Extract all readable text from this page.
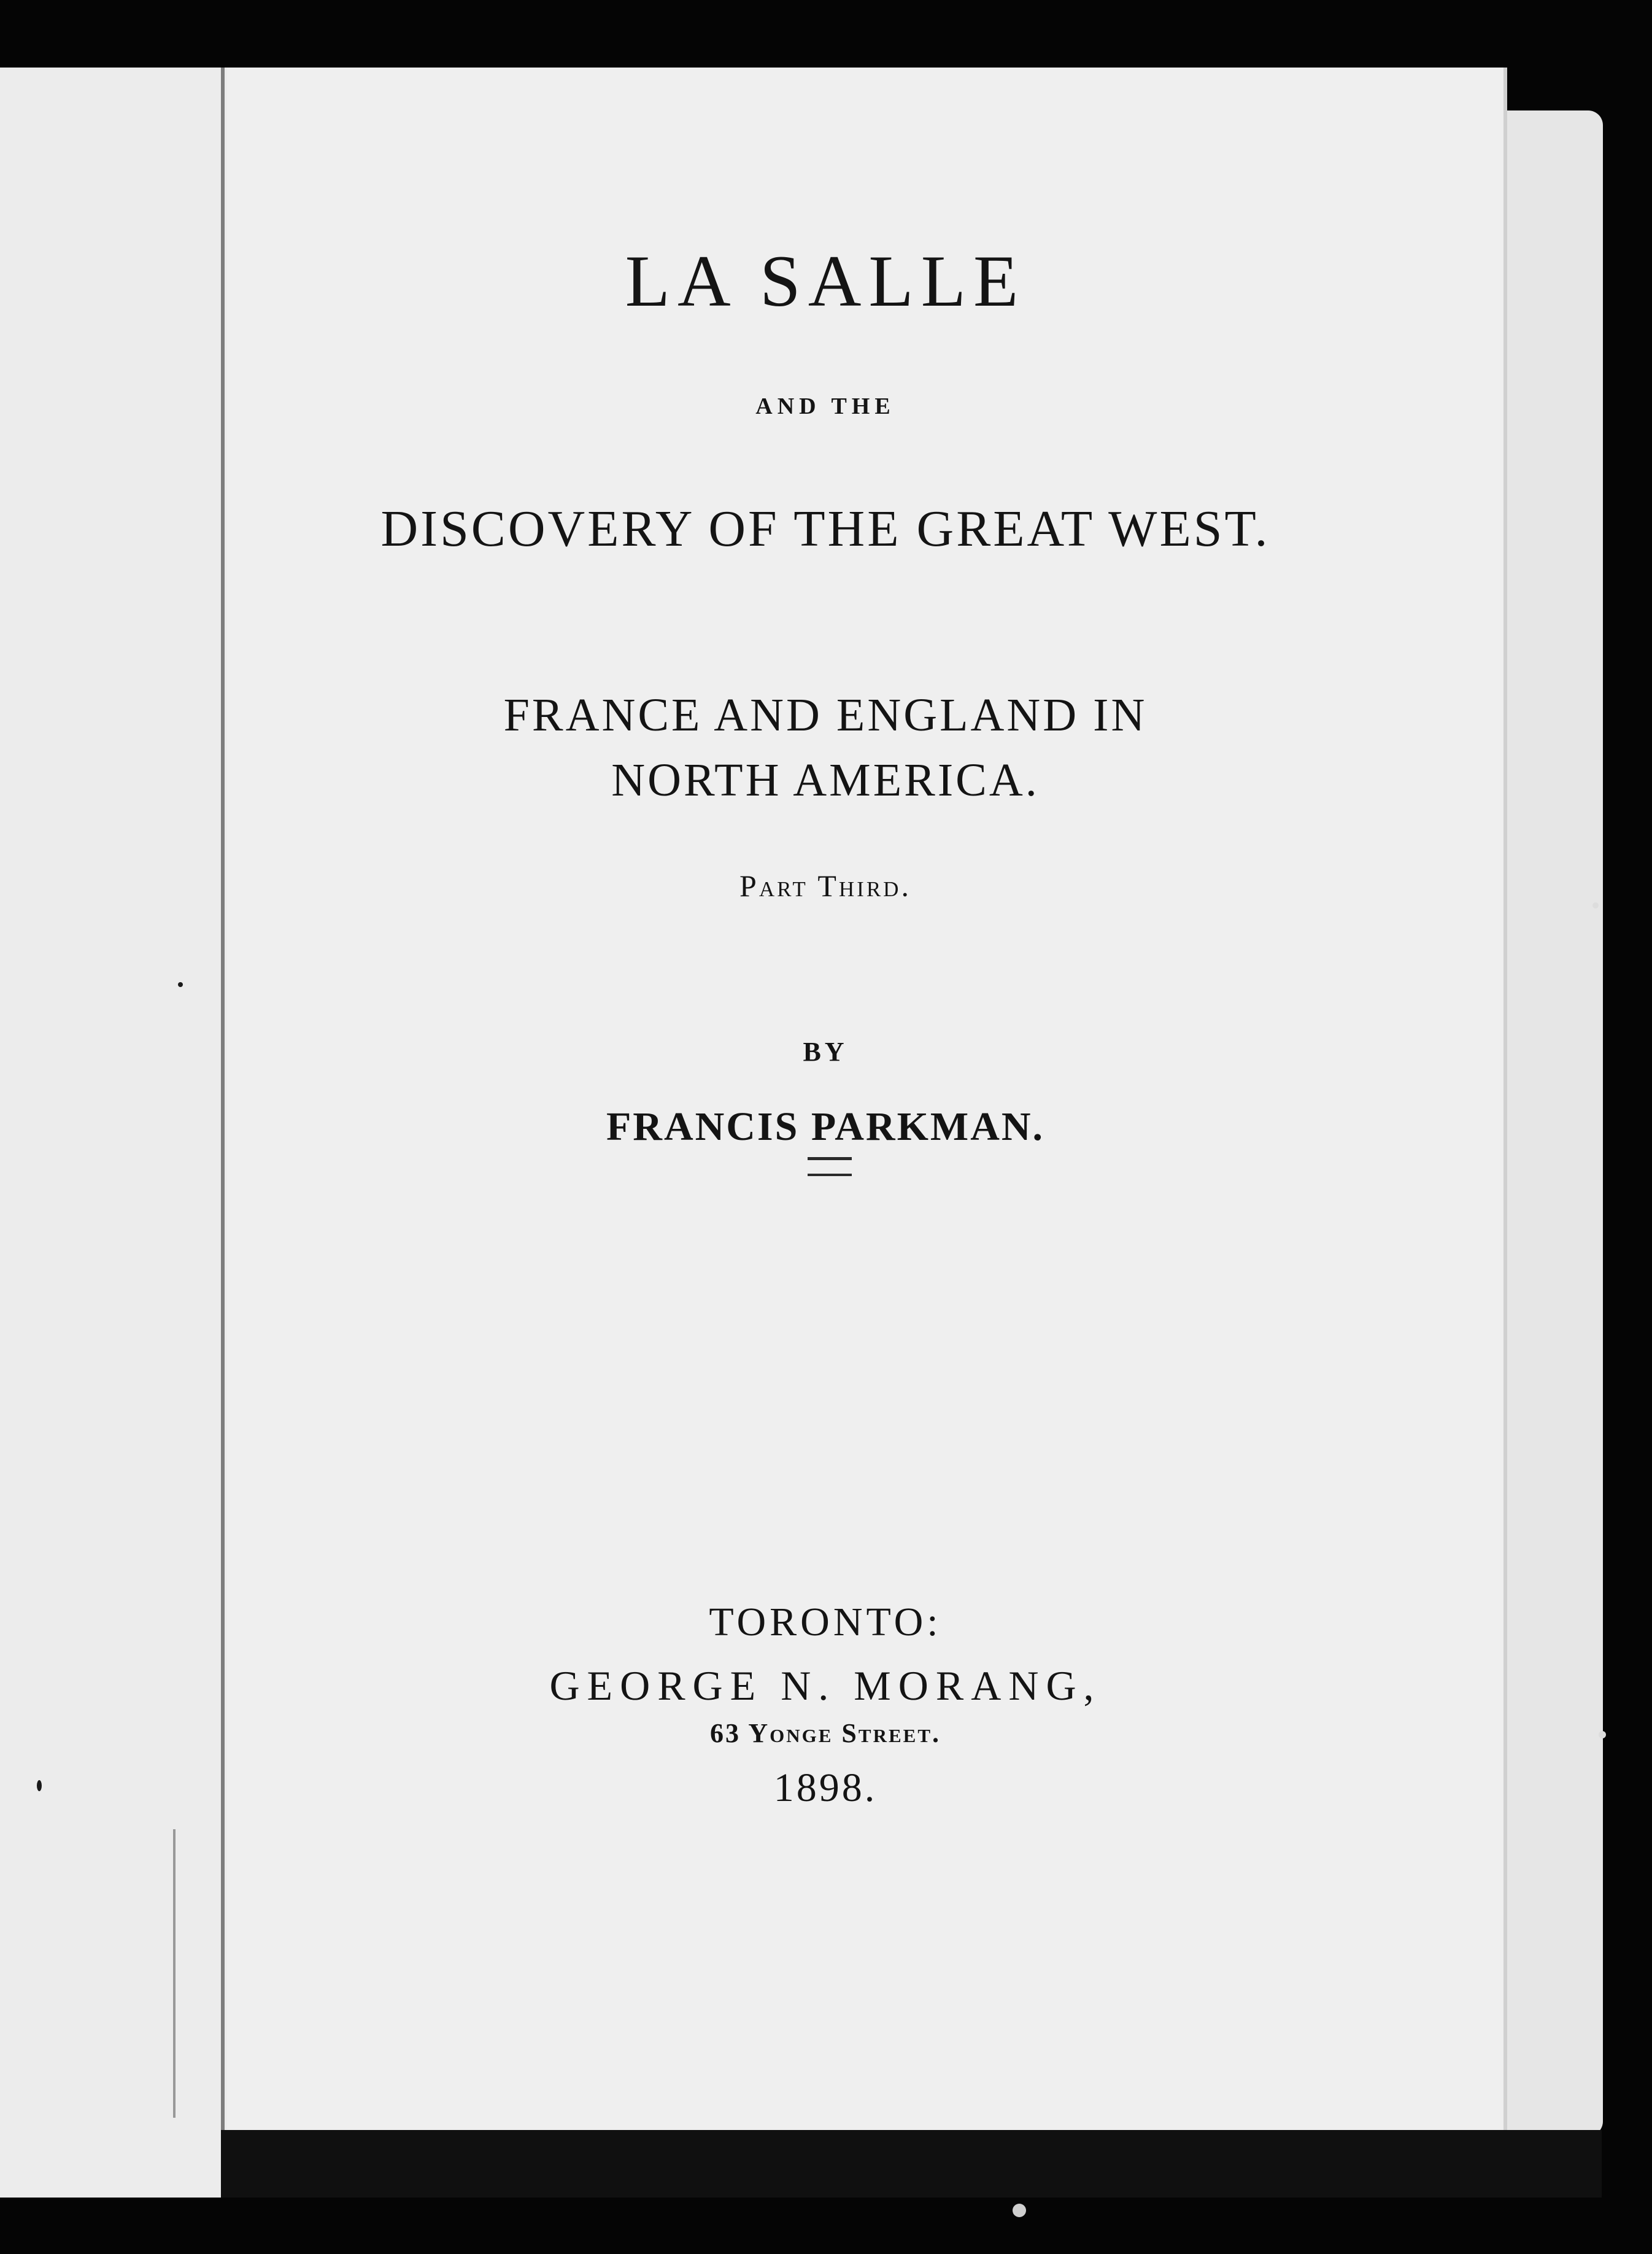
LA SALLE
AND THE
DISCOVERY OF THE GREAT WEST.
FRANCE AND ENGLAND IN
NORTH AMERICA.
Part Third.
BY
FRANCIS PARKMAN.
TORONTO:
GEORGE N. MORANG,
63 Yonge Street.
1898.
